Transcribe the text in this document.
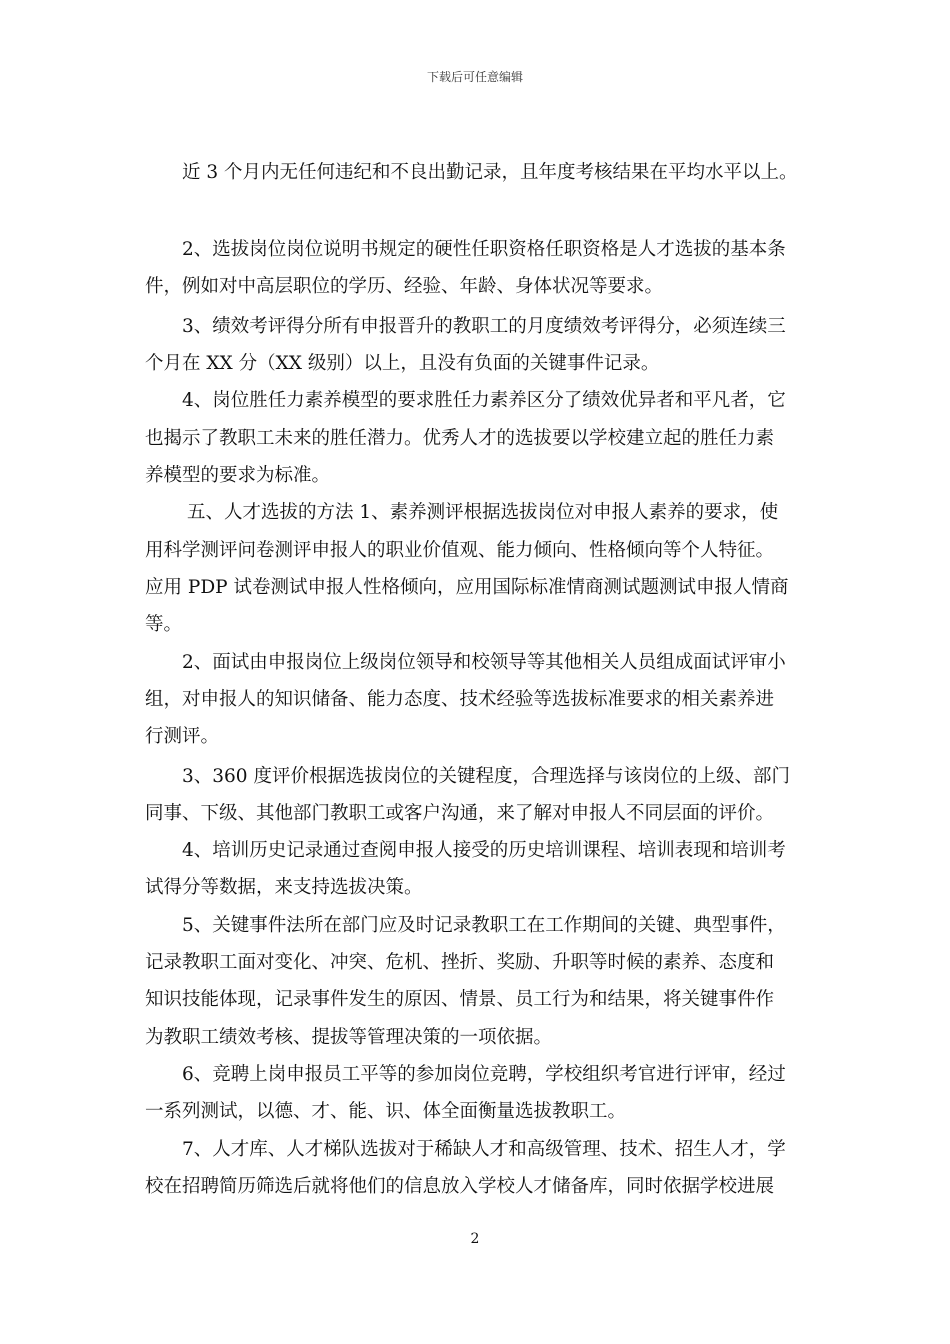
下载后可任意编辑
近 3 个月内无任何违纪和不良出勤记录，且年度考核结果在平均水平以上。
2、选拔岗位岗位说明书规定的硬性任职资格任职资格是人才选拔的基本条
件，例如对中高层职位的学历、经验、年龄、身体状况等要求。
3、绩效考评得分所有申报晋升的教职工的月度绩效考评得分，必须连续三
个月在 XX 分（XX 级别）以上，且没有负面的关键事件记录。
4、岗位胜任力素养模型的要求胜任力素养区分了绩效优异者和平凡者，它
也揭示了教职工未来的胜任潜力。优秀人才的选拔要以学校建立起的胜任力素
养模型的要求为标准。
五、人才选拔的方法 1、素养测评根据选拔岗位对申报人素养的要求，使
用科学测评问卷测评申报人的职业价值观、能力倾向、性格倾向等个人特征。
应用 PDP 试卷测试申报人性格倾向，应用国际标准情商测试题测试申报人情商
等。
2、面试由申报岗位上级岗位领导和校领导等其他相关人员组成面试评审小
组，对申报人的知识储备、能力态度、技术经验等选拔标准要求的相关素养进
行测评。
3、360 度评价根据选拔岗位的关键程度，合理选择与该岗位的上级、部门
同事、下级、其他部门教职工或客户沟通，来了解对申报人不同层面的评价。
4、培训历史记录通过查阅申报人接受的历史培训课程、培训表现和培训考
试得分等数据，来支持选拔决策。
5、关键事件法所在部门应及时记录教职工在工作期间的关键、典型事件，
记录教职工面对变化、冲突、危机、挫折、奖励、升职等时候的素养、态度和
知识技能体现，记录事件发生的原因、情景、员工行为和结果，将关键事件作
为教职工绩效考核、提拔等管理决策的一项依据。
6、竞聘上岗申报员工平等的参加岗位竞聘，学校组织考官进行评审，经过
一系列测试，以德、才、能、识、体全面衡量选拔教职工。
7、人才库、人才梯队选拔对于稀缺人才和高级管理、技术、招生人才，学
校在招聘简历筛选后就将他们的信息放入学校人才储备库，同时依据学校进展
2
